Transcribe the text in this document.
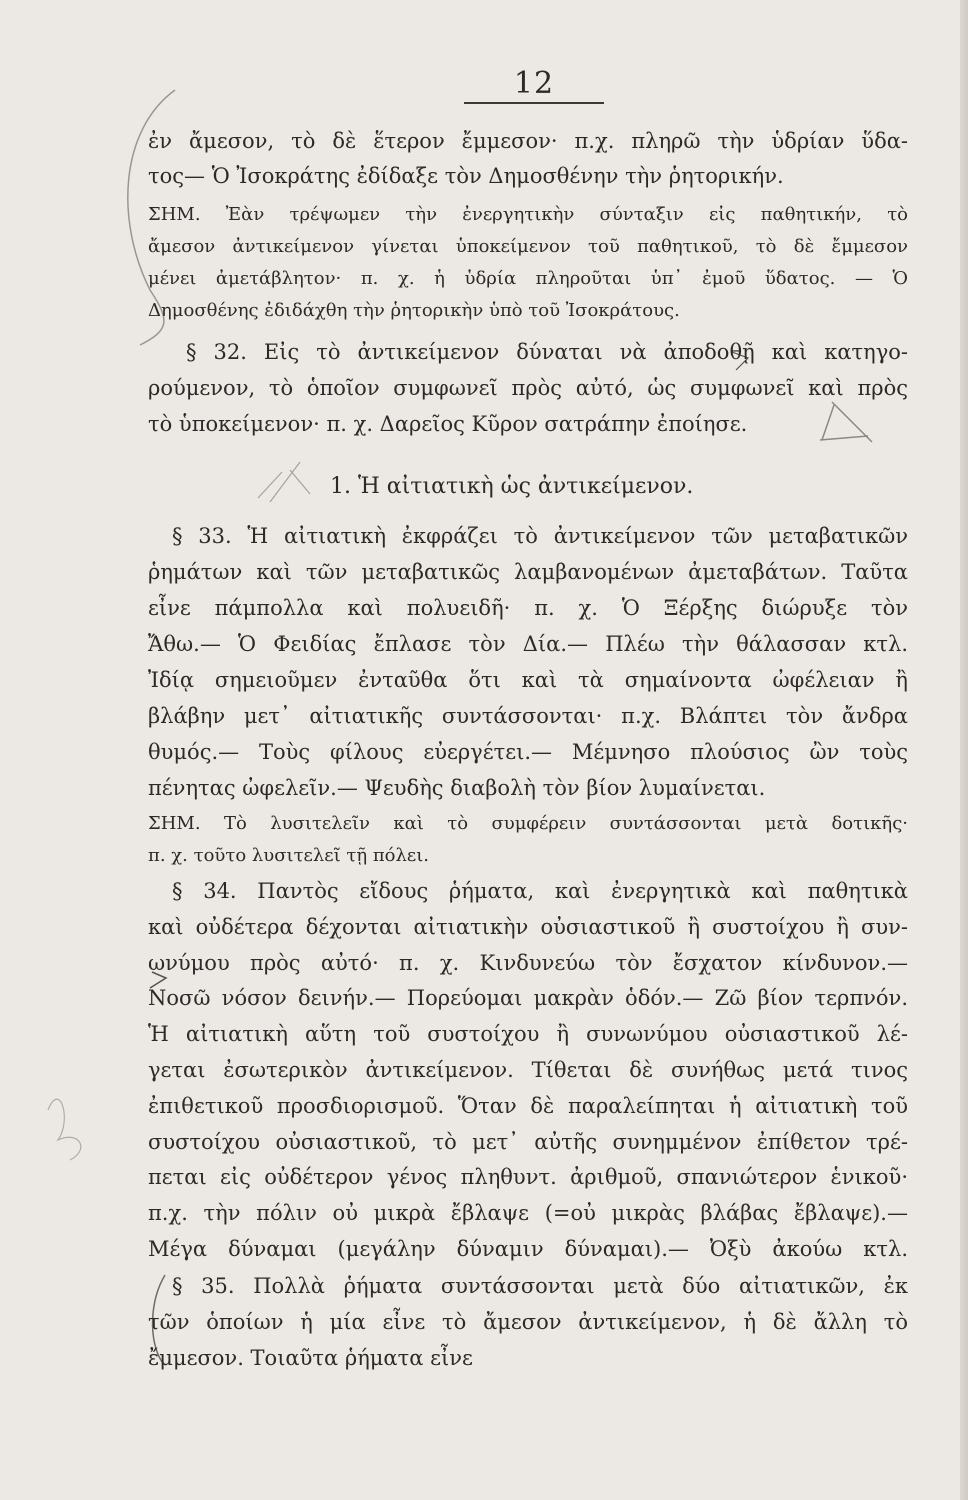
12
ἐν ἄμεσον, τὸ δὲ ἕτερον ἔμμεσον· π.χ. πληρῶ τὴν ὑδρίαν ὕδα-
τος— Ὁ Ἰσοκράτης ἐδίδαξε τὸν Δημοσθένην τὴν ῥητορικήν.
ΣΗΜ. Ἐὰν τρέψωμεν τὴν ἐνεργητικὴν σύνταξιν εἰς παθητικήν, τὸ
ἄμεσον ἀντικείμενον γίνεται ὑποκείμενον τοῦ παθητικοῦ, τὸ δὲ ἔμμεσον
μένει ἀμετάβλητον· π. χ. ἡ ὑδρία πληροῦται ὑπ᾽ ἐμοῦ ὕδατος. — Ὁ
Δημοσθένης ἐδιδάχθη τὴν ῥητορικὴν ὑπὸ τοῦ Ἰσοκράτους.
§ 32. Εἰς τὸ ἀντικείμενον δύναται νὰ ἀποδοθῇ καὶ κατηγο-
ρούμενον, τὸ ὁποῖον συμφωνεῖ πρὸς αὐτό, ὡς συμφωνεῖ καὶ πρὸς
τὸ ὑποκείμενον· π. χ. Δαρεῖος Κῦρον σατράπην ἐποίησε.
1. Ἡ αἰτιατικὴ ὡς ἀντικείμενον.
§ 33. Ἡ αἰτιατικὴ ἐκφράζει τὸ ἀντικείμενον τῶν μεταβατικῶν
ῥημάτων καὶ τῶν μεταβατικῶς λαμβανομένων ἀμεταβάτων. Ταῦτα
εἶνε πάμπολλα καὶ πολυειδῆ· π. χ. Ὁ Ξέρξης διώρυξε τὸν
Ἄθω.— Ὁ Φειδίας ἔπλασε τὸν Δία.— Πλέω τὴν θάλασσαν κτλ.
Ἰδίᾳ σημειοῦμεν ἐνταῦθα ὅτι καὶ τὰ σημαίνοντα ὠφέλειαν ἢ
βλάβην μετ᾽ αἰτιατικῆς συντάσσονται· π.χ. Βλάπτει τὸν ἄνδρα
θυμός.— Τοὺς φίλους εὐεργέτει.— Μέμνησο πλούσιος ὢν τοὺς
πένητας ὠφελεῖν.— Ψευδὴς διαβολὴ τὸν βίον λυμαίνεται.
ΣΗΜ. Τὸ λυσιτελεῖν καὶ τὸ συμφέρειν συντάσσονται μετὰ δοτικῆς·
π. χ. τοῦτο λυσιτελεῖ τῇ πόλει.
§ 34. Παντὸς εἴδους ῥήματα, καὶ ἐνεργητικὰ καὶ παθητικὰ
καὶ οὐδέτερα δέχονται αἰτιατικὴν οὐσιαστικοῦ ἢ συστοίχου ἢ συν-
ωνύμου πρὸς αὐτό· π. χ. Κινδυνεύω τὸν ἔσχατον κίνδυνον.—
Νοσῶ νόσον δεινήν.— Πορεύομαι μακρὰν ὁδόν.— Ζῶ βίον τερπνόν.
Ἡ αἰτιατικὴ αὕτη τοῦ συστοίχου ἢ συνωνύμου οὐσιαστικοῦ λέ-
γεται ἐσωτερικὸν ἀντικείμενον. Τίθεται δὲ συνήθως μετά τινος
ἐπιθετικοῦ προσδιορισμοῦ. Ὅταν δὲ παραλείπηται ἡ αἰτιατικὴ τοῦ
συστοίχου οὐσιαστικοῦ, τὸ μετ᾽ αὐτῆς συνημμένον ἐπίθετον τρέ-
πεται εἰς οὐδέτερον γένος πληθυντ. ἀριθμοῦ, σπανιώτερον ἑνικοῦ·
π.χ. τὴν πόλιν οὐ μικρὰ ἔβλαψε (=οὐ μικρὰς βλάβας ἔβλαψε).—
Μέγα δύναμαι (μεγάλην δύναμιν δύναμαι).— Ὀξὺ ἀκούω κτλ.
§ 35. Πολλὰ ῥήματα συντάσσονται μετὰ δύο αἰτιατικῶν, ἐκ
τῶν ὁποίων ἡ μία εἶνε τὸ ἄμεσον ἀντικείμενον, ἡ δὲ ἄλλη τὸ
ἔμμεσον. Τοιαῦτα ῥήματα εἶνε
